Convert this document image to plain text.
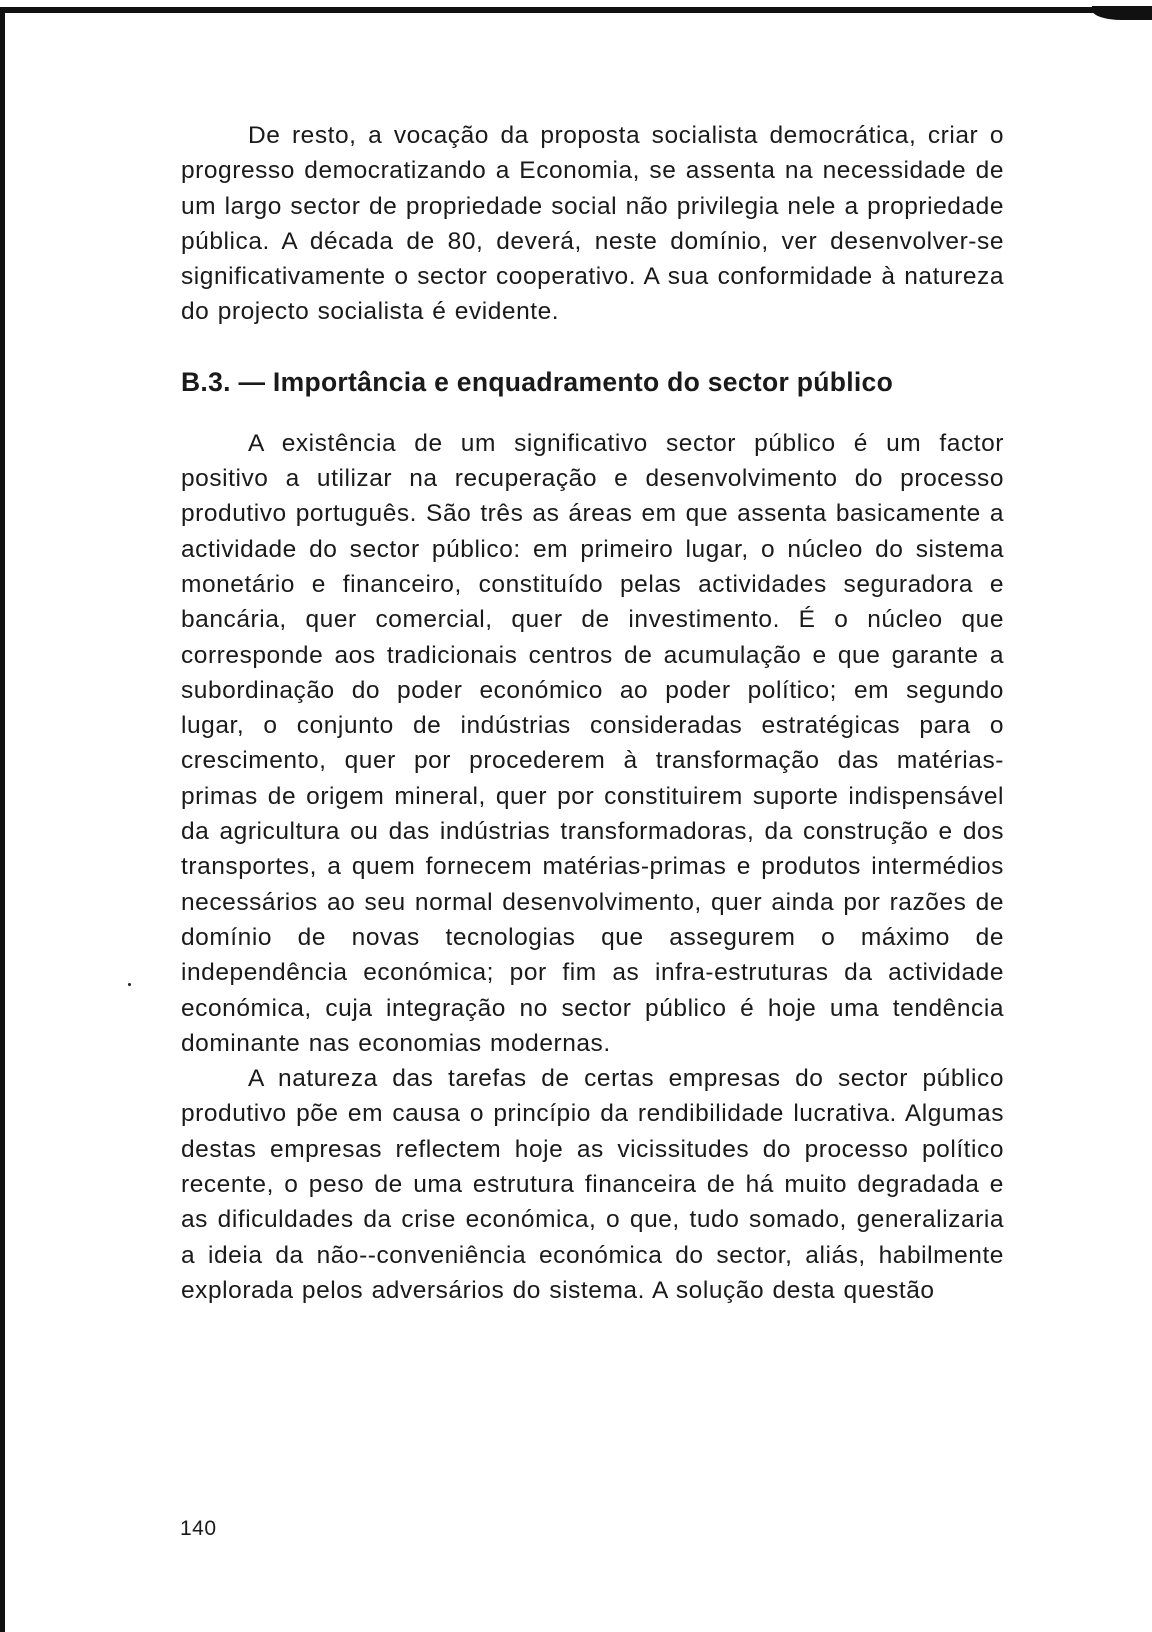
De resto, a vocação da proposta socialista democrática, criar o progresso democratizando a Economia, se assenta na necessidade de um largo sector de propriedade social não privilegia nele a propriedade pública. A década de 80, deverá, neste domínio, ver desenvolver-se significativamente o sector cooperativo. A sua conformidade à natureza do projecto socialista é evidente.

B.3. — Importância e enquadramento do sector público

A existência de um significativo sector público é um factor positivo a utilizar na recuperação e desenvolvimento do processo produtivo português. São três as áreas em que assenta basicamente a actividade do sector público: em primeiro lugar, o núcleo do sistema monetário e financeiro, constituído pelas actividades seguradora e bancária, quer comercial, quer de investimento. É o núcleo que corresponde aos tradicionais centros de acumulação e que garante a subordinação do poder económico ao poder político; em segundo lugar, o conjunto de indústrias consideradas estratégicas para o crescimento, quer por procederem à transformação das matérias-primas de origem mineral, quer por constituirem suporte indispensável da agricultura ou das indústrias transformadoras, da construção e dos transportes, a quem fornecem matérias-primas e produtos intermédios necessários ao seu normal desenvolvimento, quer ainda por razões de domínio de novas tecnologias que assegurem o máximo de independência económica; por fim as infra-estruturas da actividade económica, cuja integração no sector público é hoje uma tendência dominante nas economias modernas.

A natureza das tarefas de certas empresas do sector público produtivo põe em causa o princípio da rendibilidade lucrativa. Algumas destas empresas reflectem hoje as vicissitudes do processo político recente, o peso de uma estrutura financeira de há muito degradada e as dificuldades da crise económica, o que, tudo somado, generalizaria a ideia da não--conveniência económica do sector, aliás, habilmente explorada pelos adversários do sistema. A solução desta questão

140
